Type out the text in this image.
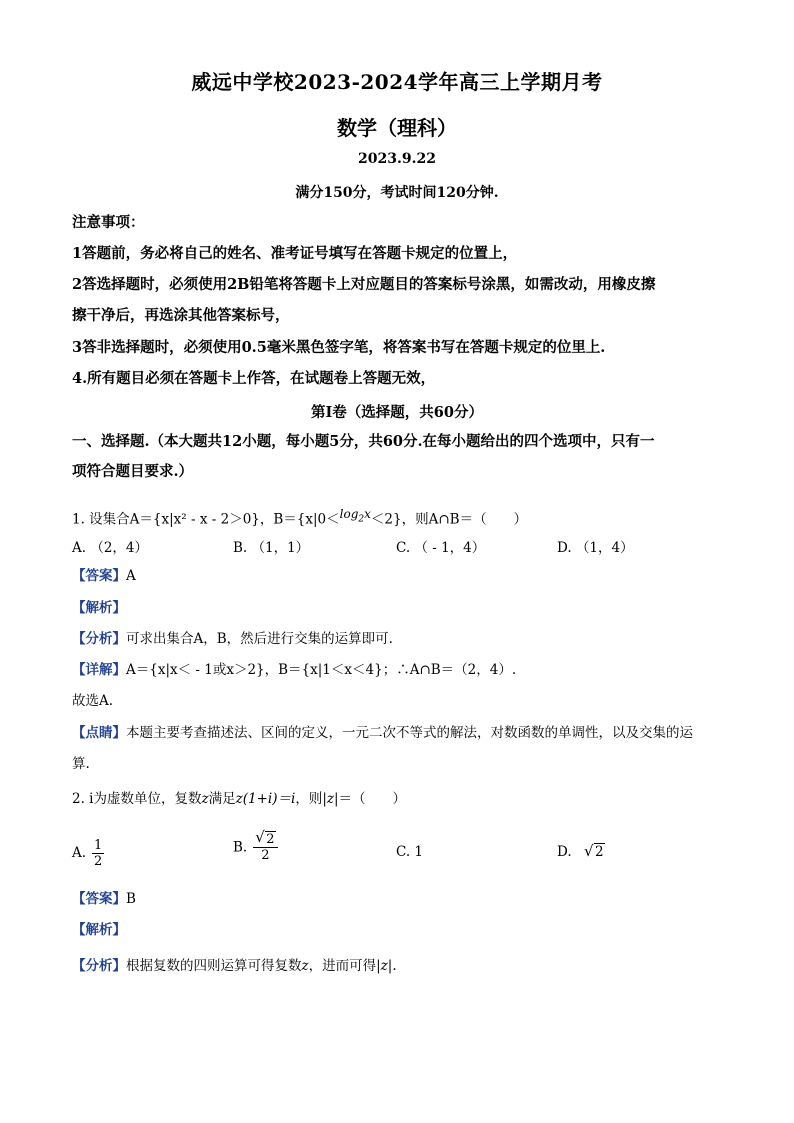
威远中学校2023-2024学年高三上学期月考
数学（理科）
2023.9.22
满分150分，考试时间120分钟.
注意事项：
1答题前，务必将自己的姓名、准考证号填写在答题卡规定的位置上，
2答选择题时，必须使用2B铅笔将答题卡上对应题目的答案标号涂黑，如需改动，用橡皮擦
擦干净后，再选涂其他答案标号，
3答非选择题时，必须使用0.5毫米黑色签字笔，将答案书写在答题卡规定的位里上.
4.所有题目必须在答题卡上作答，在试题卷上答题无效，
第I卷（选择题，共60分）
一、选择题.（本大题共12小题，每小题5分，共60分.在每小题给出的四个选项中，只有一
项符合题目要求.）
1. 设集合A＝{x|x² - x - 2＞0}，$B=\{x|0<\log_2x<2\}$，则A∩B＝（　　）
A. （2，4）	B. （1，1）	C. （ - 1，4）	D. （1，4）
【答案】A
【解析】
【分析】可求出集合A，B，然后进行交集的运算即可.
【详解】A＝{x|x＜ - 1或x＞2}，B＝{x|1＜x＜4}；∴A∩B＝（2，4）.
故选A.
【点睛】本题主要考查描述法、区间的定义，一元二次不等式的解法，对数函数的单调性，以及交集的运
算.
2. i为虚数单位，复数z满足z(1+i)＝i，则|z|＝（　　）
A. $\frac{1}{2}$	B. √ $\frac{2}{2}$	C. 1	D. √ 2
【答案】B
【解析】
【分析】根据复数的四则运算可得复数z，进而可得|z|.
